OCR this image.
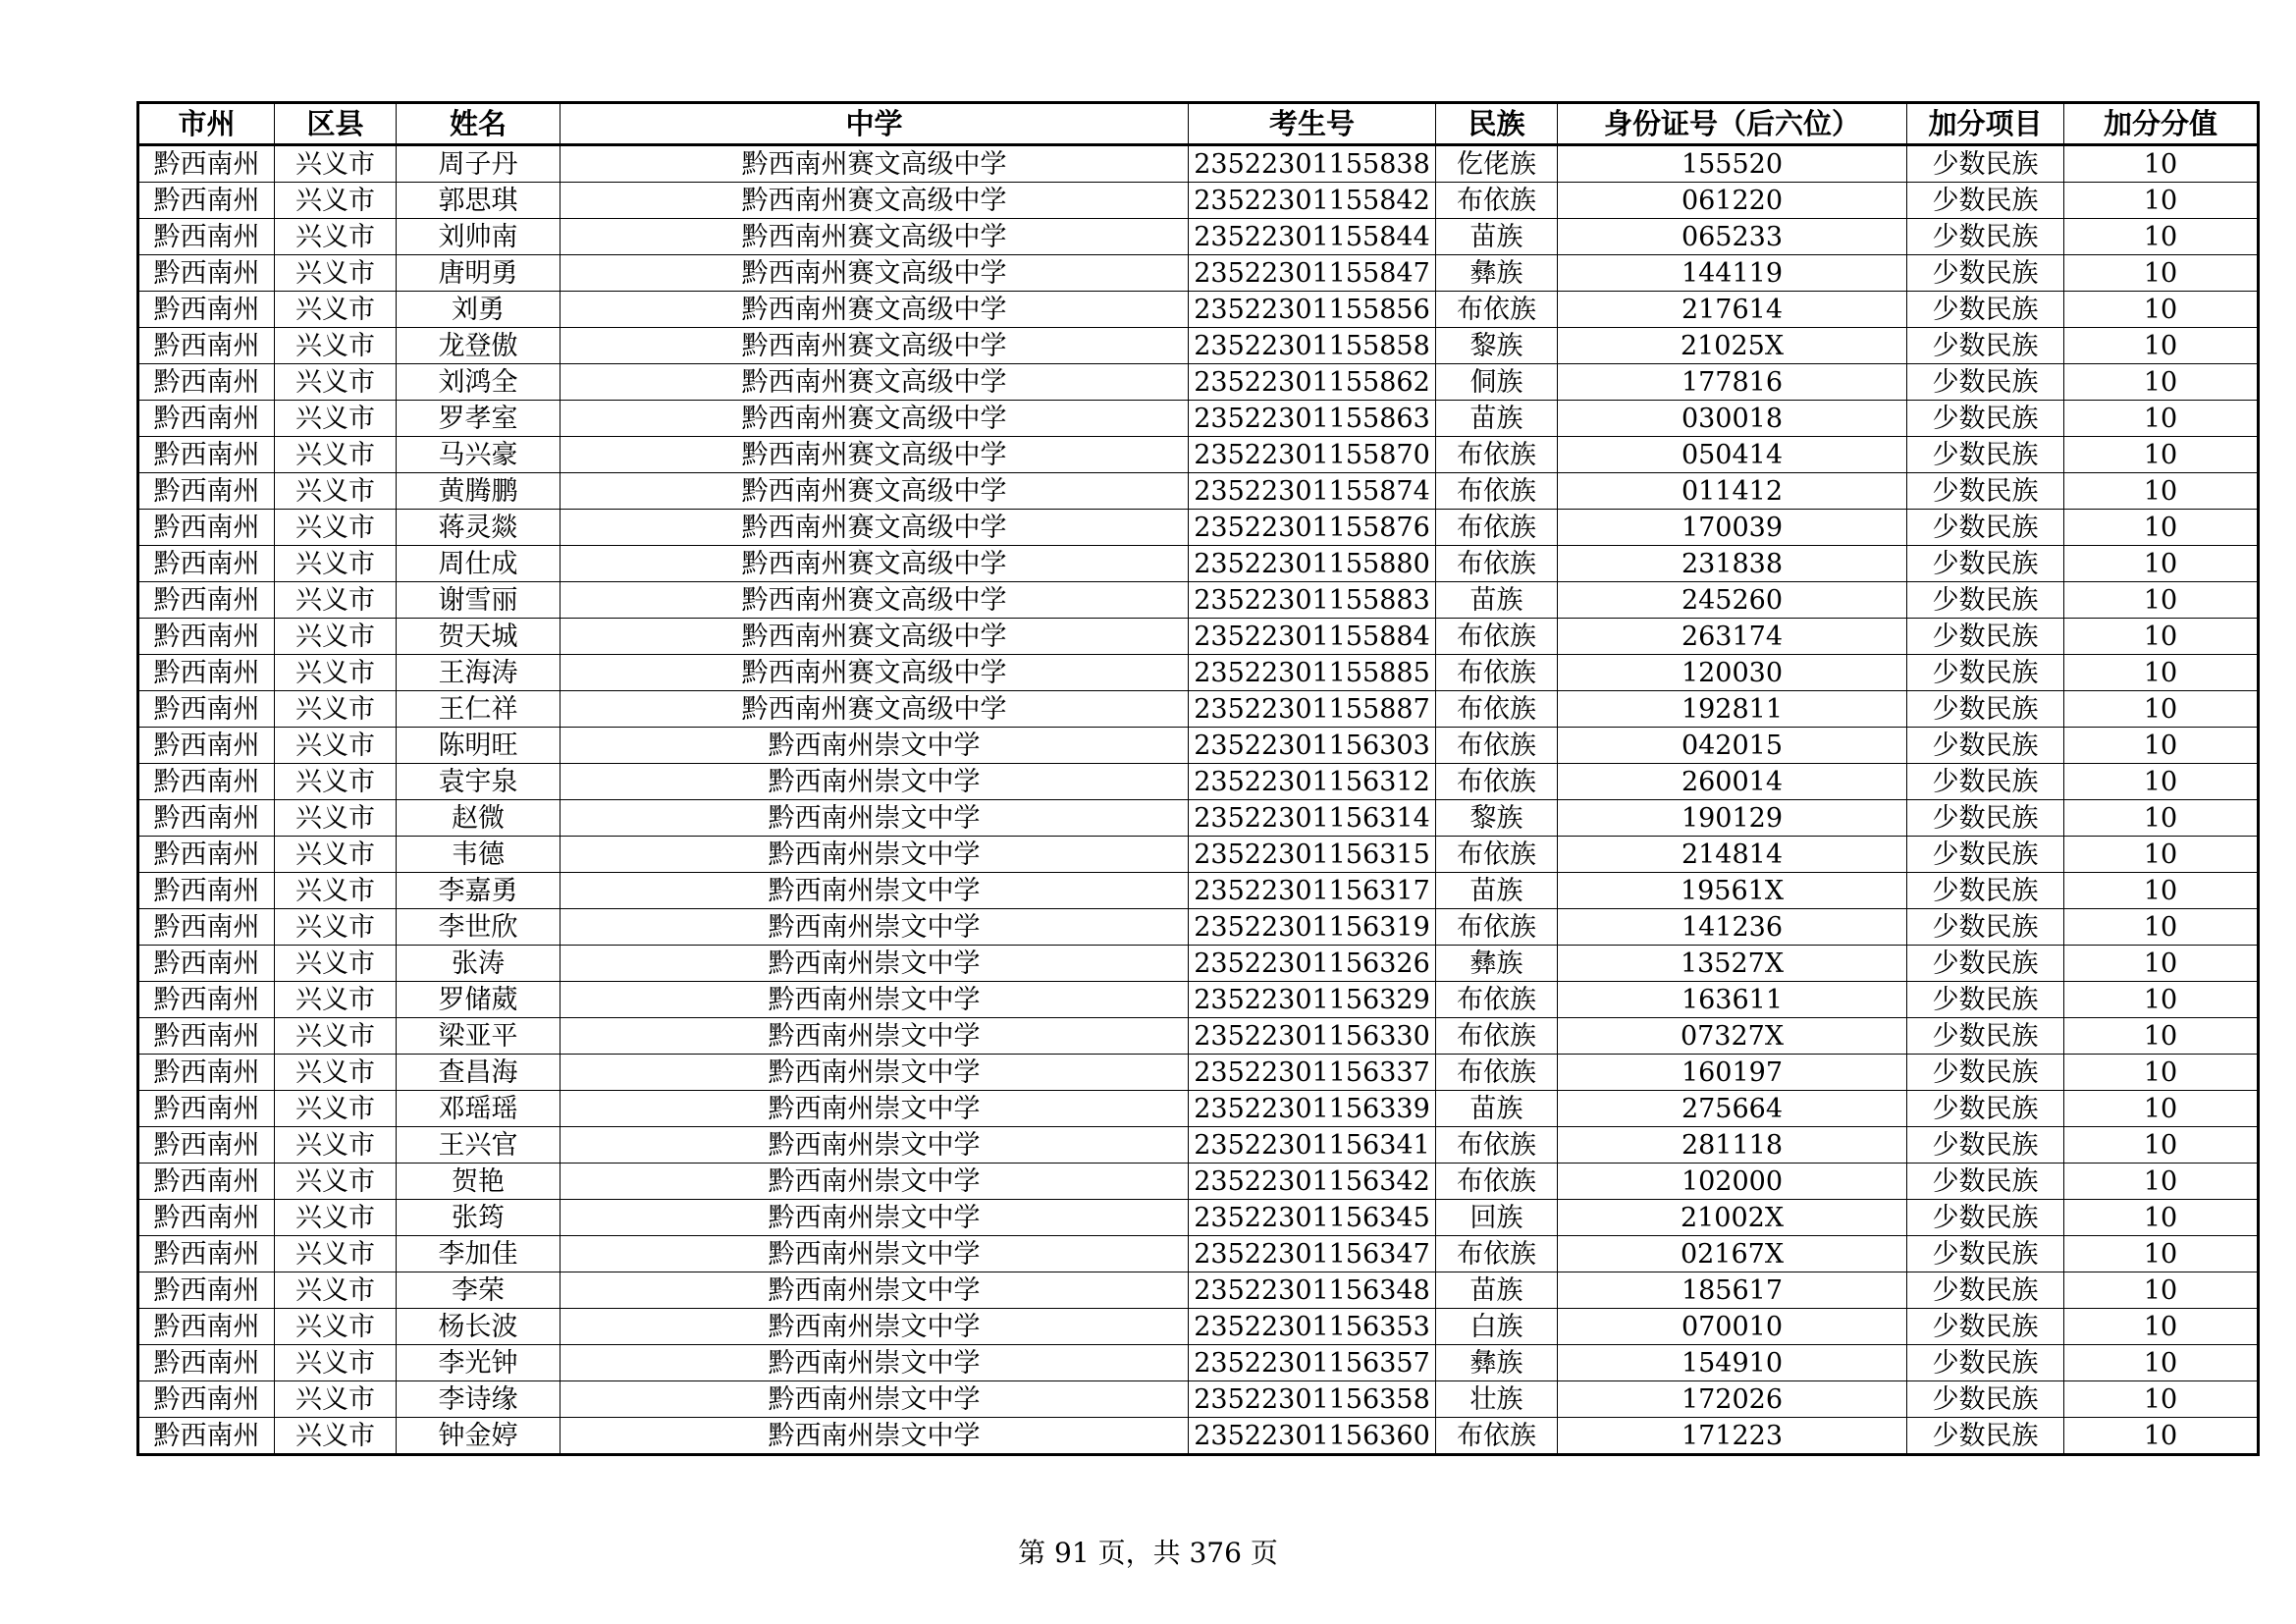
市州	区县	姓名	中学	考生号	民族	身份证号（后六位）	加分项目	加分分值
黔西南州	兴义市	周子丹	黔西南州赛文高级中学	23522301155838	仡佬族	155520	少数民族	10
黔西南州	兴义市	郭思琪	黔西南州赛文高级中学	23522301155842	布依族	061220	少数民族	10
黔西南州	兴义市	刘帅南	黔西南州赛文高级中学	23522301155844	苗族	065233	少数民族	10
黔西南州	兴义市	唐明勇	黔西南州赛文高级中学	23522301155847	彝族	144119	少数民族	10
黔西南州	兴义市	刘勇	黔西南州赛文高级中学	23522301155856	布依族	217614	少数民族	10
黔西南州	兴义市	龙登傲	黔西南州赛文高级中学	23522301155858	黎族	21025X	少数民族	10
黔西南州	兴义市	刘鸿全	黔西南州赛文高级中学	23522301155862	侗族	177816	少数民族	10
黔西南州	兴义市	罗孝室	黔西南州赛文高级中学	23522301155863	苗族	030018	少数民族	10
黔西南州	兴义市	马兴豪	黔西南州赛文高级中学	23522301155870	布依族	050414	少数民族	10
黔西南州	兴义市	黄腾鹏	黔西南州赛文高级中学	23522301155874	布依族	011412	少数民族	10
黔西南州	兴义市	蒋灵燚	黔西南州赛文高级中学	23522301155876	布依族	170039	少数民族	10
黔西南州	兴义市	周仕成	黔西南州赛文高级中学	23522301155880	布依族	231838	少数民族	10
黔西南州	兴义市	谢雪丽	黔西南州赛文高级中学	23522301155883	苗族	245260	少数民族	10
黔西南州	兴义市	贺天城	黔西南州赛文高级中学	23522301155884	布依族	263174	少数民族	10
黔西南州	兴义市	王海涛	黔西南州赛文高级中学	23522301155885	布依族	120030	少数民族	10
黔西南州	兴义市	王仁祥	黔西南州赛文高级中学	23522301155887	布依族	192811	少数民族	10
黔西南州	兴义市	陈明旺	黔西南州崇文中学	23522301156303	布依族	042015	少数民族	10
黔西南州	兴义市	袁宇泉	黔西南州崇文中学	23522301156312	布依族	260014	少数民族	10
黔西南州	兴义市	赵微	黔西南州崇文中学	23522301156314	黎族	190129	少数民族	10
黔西南州	兴义市	韦德	黔西南州崇文中学	23522301156315	布依族	214814	少数民族	10
黔西南州	兴义市	李嘉勇	黔西南州崇文中学	23522301156317	苗族	19561X	少数民族	10
黔西南州	兴义市	李世欣	黔西南州崇文中学	23522301156319	布依族	141236	少数民族	10
黔西南州	兴义市	张涛	黔西南州崇文中学	23522301156326	彝族	13527X	少数民族	10
黔西南州	兴义市	罗储葳	黔西南州崇文中学	23522301156329	布依族	163611	少数民族	10
黔西南州	兴义市	梁亚平	黔西南州崇文中学	23522301156330	布依族	07327X	少数民族	10
黔西南州	兴义市	查昌海	黔西南州崇文中学	23522301156337	布依族	160197	少数民族	10
黔西南州	兴义市	邓瑶瑶	黔西南州崇文中学	23522301156339	苗族	275664	少数民族	10
黔西南州	兴义市	王兴官	黔西南州崇文中学	23522301156341	布依族	281118	少数民族	10
黔西南州	兴义市	贺艳	黔西南州崇文中学	23522301156342	布依族	102000	少数民族	10
黔西南州	兴义市	张筠	黔西南州崇文中学	23522301156345	回族	21002X	少数民族	10
黔西南州	兴义市	李加佳	黔西南州崇文中学	23522301156347	布依族	02167X	少数民族	10
黔西南州	兴义市	李荣	黔西南州崇文中学	23522301156348	苗族	185617	少数民族	10
黔西南州	兴义市	杨长波	黔西南州崇文中学	23522301156353	白族	070010	少数民族	10
黔西南州	兴义市	李光钟	黔西南州崇文中学	23522301156357	彝族	154910	少数民族	10
黔西南州	兴义市	李诗缘	黔西南州崇文中学	23522301156358	壮族	172026	少数民族	10
黔西南州	兴义市	钟金婷	黔西南州崇文中学	23522301156360	布依族	171223	少数民族	10
第 91 页，共 376 页
